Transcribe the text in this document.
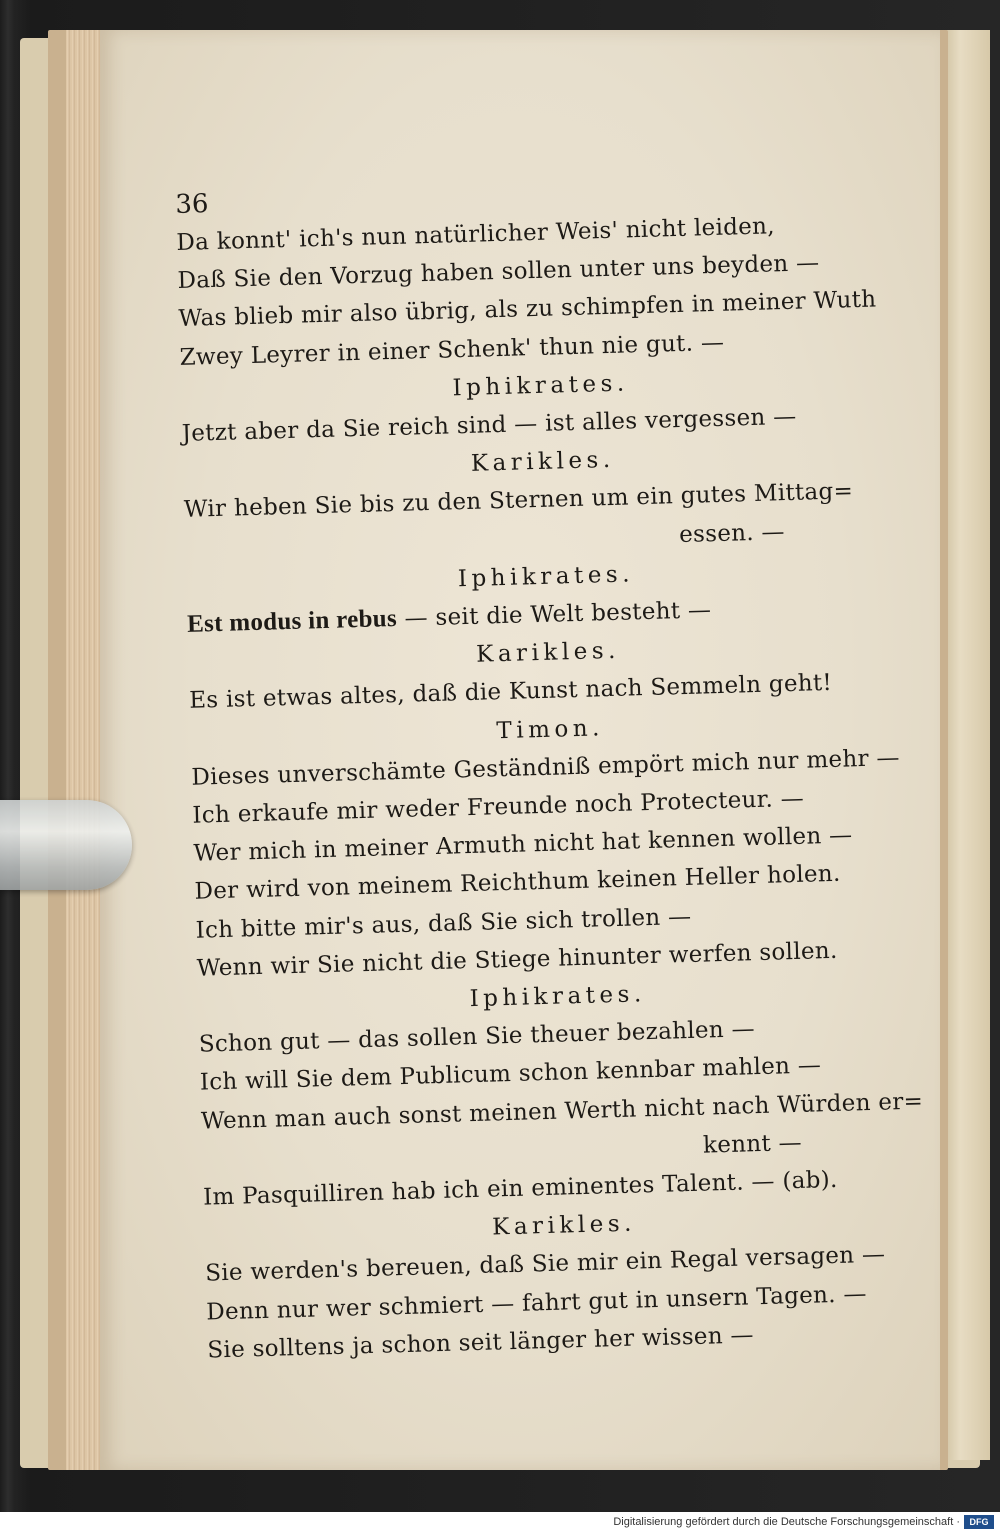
36
Da konnt' ich's nun natürlicher Weis' nicht leiden,
Daß Sie den Vorzug haben sollen unter uns beyden —
Was blieb mir also übrig, als zu schimpfen in meiner Wuth
Zwey Leyrer in einer Schenk' thun nie gut. —
Iphikrates.
Jetzt aber da Sie reich sind — ist alles vergessen —
Karikles.
Wir heben Sie bis zu den Sternen um ein gutes Mittag=
essen. —
Iphikrates.
Est modus in rebus — seit die Welt besteht —
Karikles.
Es ist etwas altes, daß die Kunst nach Semmeln geht!
Timon.
Dieses unverschämte Geständniß empört mich nur mehr —
Ich erkaufe mir weder Freunde noch Protecteur. —
Wer mich in meiner Armuth nicht hat kennen wollen —
Der wird von meinem Reichthum keinen Heller holen.
Ich bitte mir's aus, daß Sie sich trollen —
Wenn wir Sie nicht die Stiege hinunter werfen sollen.
Iphikrates.
Schon gut — das sollen Sie theuer bezahlen —
Ich will Sie dem Publicum schon kennbar mahlen —
Wenn man auch sonst meinen Werth nicht nach Würden er=
kennt —
Im Pasquilliren hab ich ein eminentes Talent. — (ab).
Karikles.
Sie werden's bereuen, daß Sie mir ein Regal versagen —
Denn nur wer schmiert — fahrt gut in unsern Tagen. —
Sie solltens ja schon seit länger her wissen —
Digitalisierung gefördert durch die Deutsche Forschungsgemeinschaft ·	DFG
